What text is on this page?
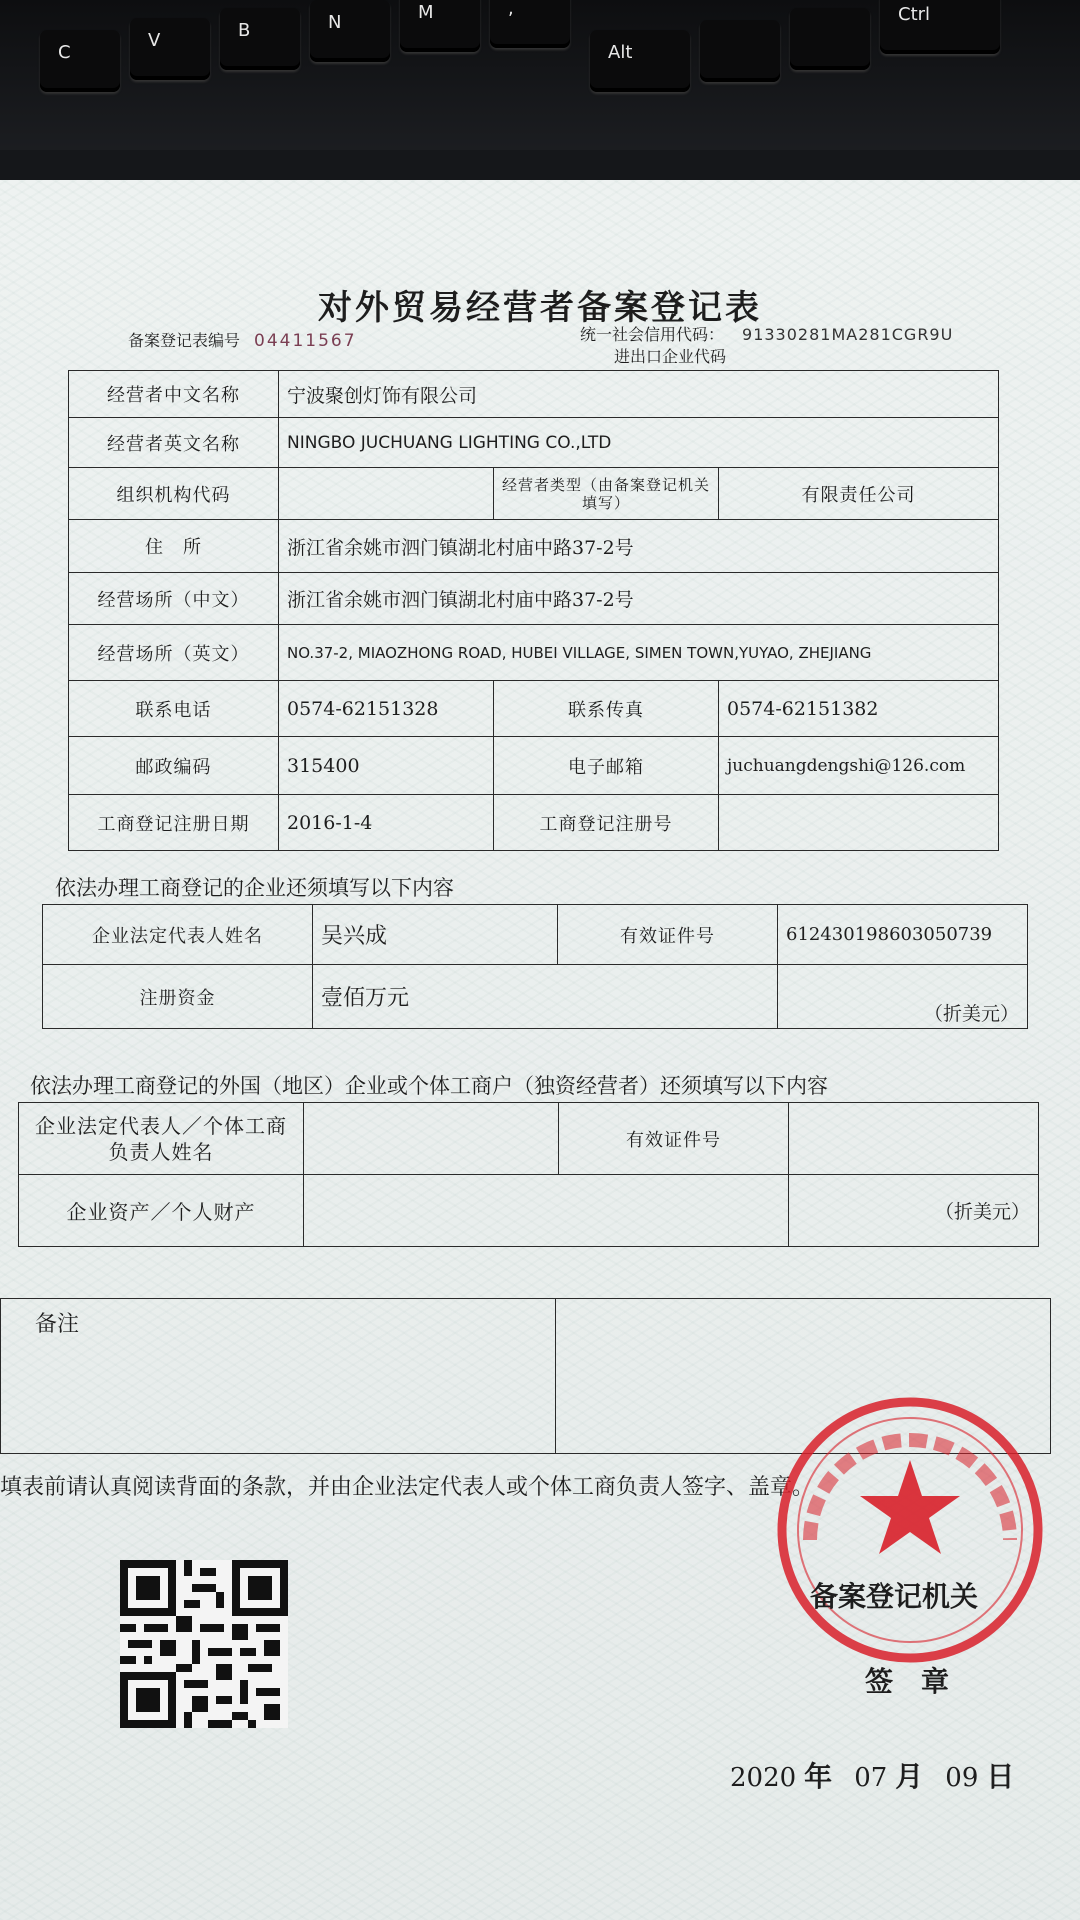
C
V	B	N	M	,
Alt
Ctrl
对外贸易经营者备案登记表
备案登记表编号 04411567	统一社会信用代码： 91330281MA281CGR9U
进出口企业代码
经营者中文名称	宁波聚创灯饰有限公司		
经营者英文名称	NINGBO JUCHUANG LIGHTING CO.,LTD		
组织机构代码		经营者类型（由备案登记机关填写）	有限责任公司
住　所	浙江省余姚市泗门镇湖北村庙中路37-2号		
经营场所（中文）	浙江省余姚市泗门镇湖北村庙中路37-2号		
经营场所（英文）	NO.37-2, MIAOZHONG ROAD, HUBEI VILLAGE, SIMEN TOWN,YUYAO, ZHEJIANG		
联系电话	0574-62151328	联系传真	0574-62151382
邮政编码	315400	电子邮箱	juchuangdengshi@126.com
工商登记注册日期	2016-1-4	工商登记注册号	
依法办理工商登记的企业还须填写以下内容
企业法定代表人姓名	吴兴成	有效证件号	612430198603050739
注册资金	壹佰万元		（折美元）
依法办理工商登记的外国（地区）企业或个体工商户（独资经营者）还须填写以下内容
企业法定代表人／个体工商负责人姓名		有效证件号	
企业资产／个人财产			（折美元）
备注	
填表前请认真阅读背面的条款，并由企业法定代表人或个体工商负责人签字、盖章。
备案登记机关
签章
2020 年 07 月 09 日
